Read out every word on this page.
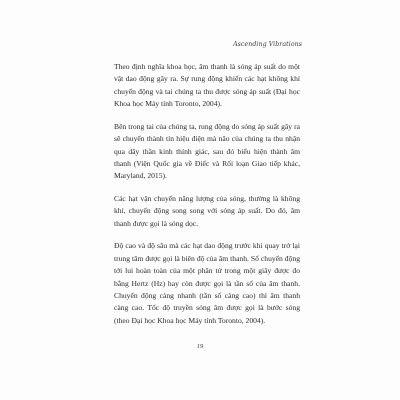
Ascending Vibrations

Theo định nghĩa khoa học, âm thanh là sóng áp suất do một vật dao động gây ra. Sự rung động khiến các hạt không khí chuyển động và tai chúng ta thu được sóng áp suất (Đại học Khoa học Máy tính Toronto, 2004).

Bên trong tai của chúng ta, rung động do sóng áp suất gây ra sẽ chuyển thành tín hiệu điện mà não của chúng ta thu nhận qua dây thần kinh thính giác, sau đó biểu hiện thành âm thanh (Viện Quốc gia về Điếc và Rối loạn Giao tiếp khác, Maryland, 2015).

Các hạt vận chuyển năng lượng của sóng, thường là không khí, chuyển động song song với sóng áp suất. Do đó, âm thanh được gọi là sóng dọc.

Độ cao và độ sâu mà các hạt dao động trước khi quay trở lại trung tâm được gọi là biên độ của âm thanh. Số chuyển động tới lui hoàn toàn của một phân tử trong một giây được đo bằng Hertz (Hz) hay còn được gọi là tần số của âm thanh. Chuyển động càng nhanh (tần số càng cao) thì âm thanh càng cao. Tốc độ truyền sóng âm được gọi là bước sóng (theo Đại học Khoa học Máy tính Toronto, 2004).

19
